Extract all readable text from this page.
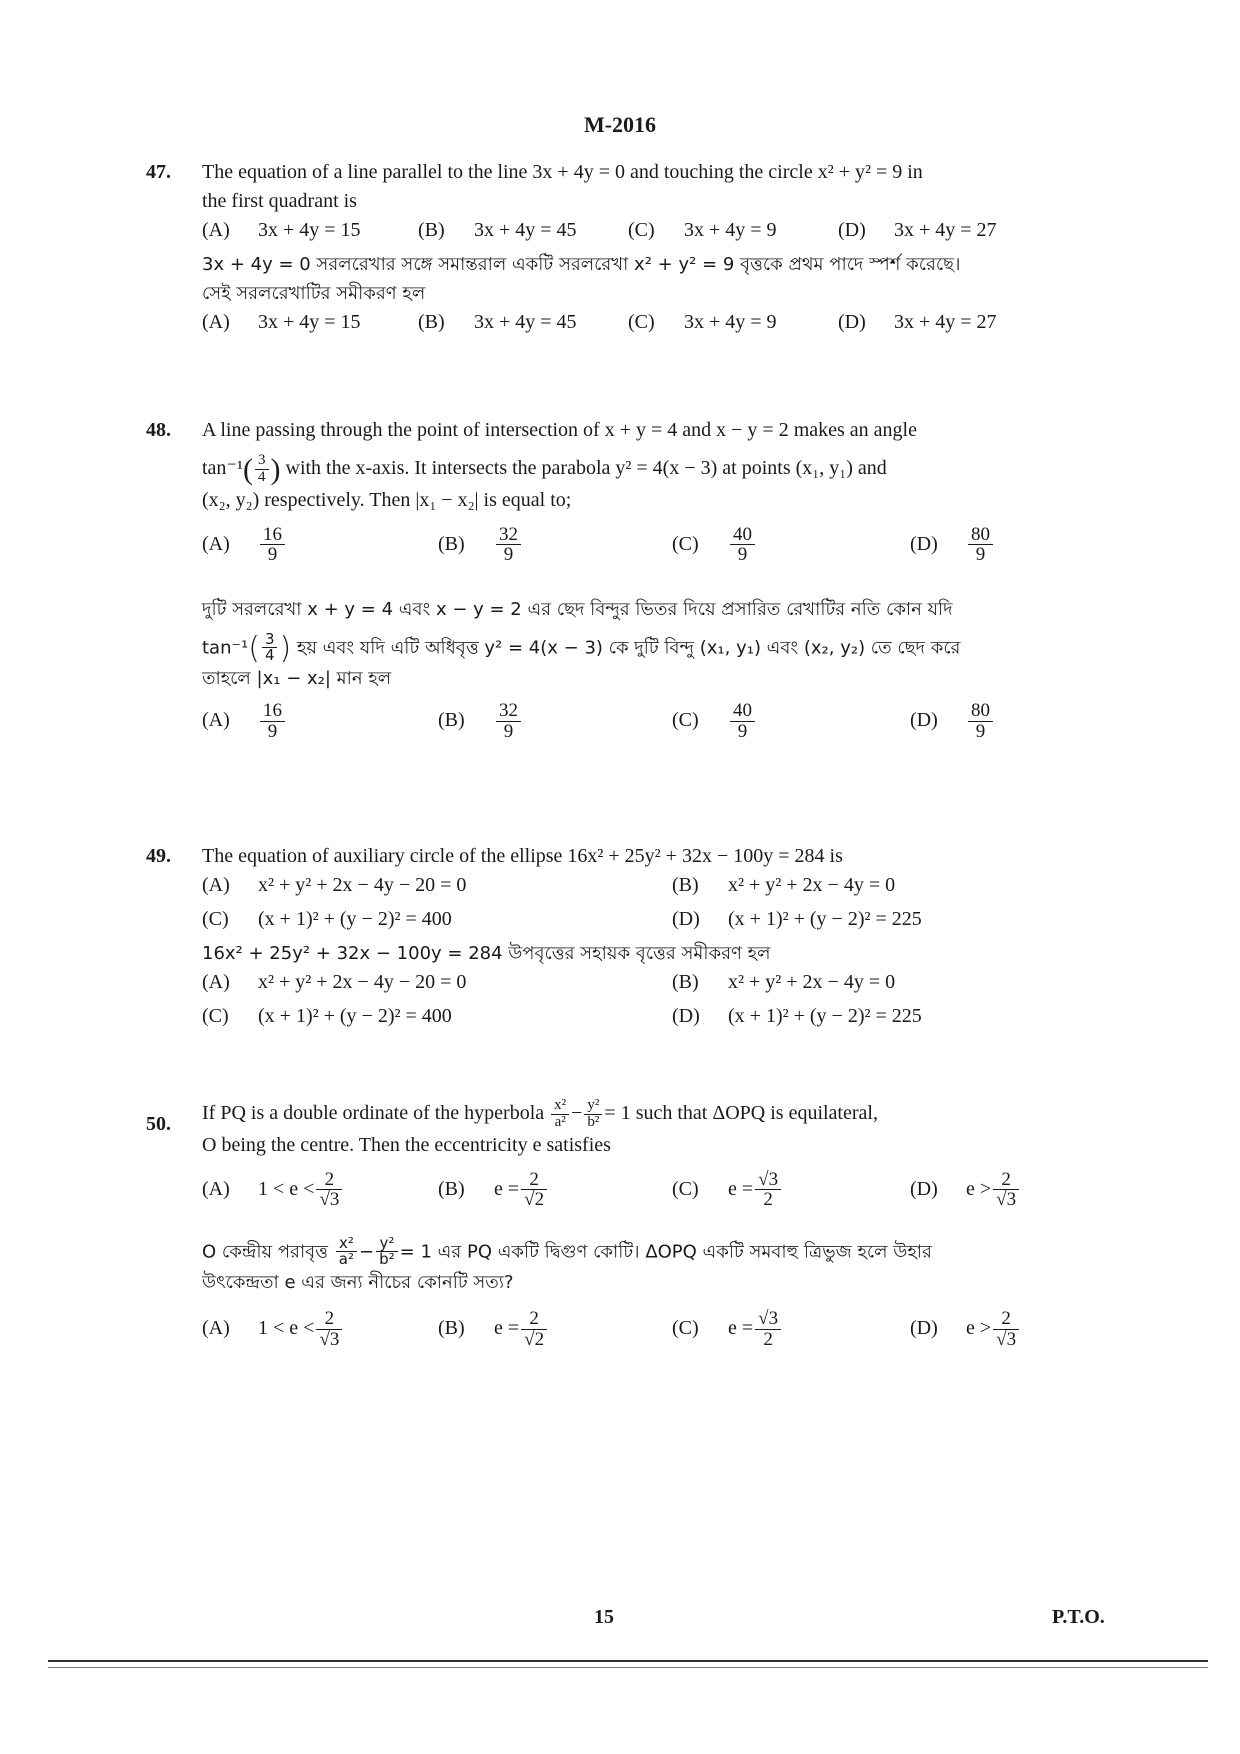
M-2016
47. The equation of a line parallel to the line 3x + 4y = 0 and touching the circle x² + y² = 9 in
the first quadrant is
(A) 3x + 4y = 15	(B) 3x + 4y = 45	(C) 3x + 4y = 9	(D) 3x + 4y = 27
3x + 4y = 0 সরলরেখার সঙ্গে সমান্তরাল একটি সরলরেখা x² + y² = 9 বৃত্তকে প্রথম পাদে স্পর্শ করেছে।
সেই সরলরেখাটির সমীকরণ হল
(A) 3x + 4y = 15	(B) 3x + 4y = 45	(C) 3x + 4y = 9	(D) 3x + 4y = 27
48. A line passing through the point of intersection of x + y = 4 and x − y = 2 makes an angle
$\tan^{-1}( \frac{3}{4}$ ) with the x-axis. It intersects the parabola y² = 4(x − 3) at points (x₁, y₁) and
(x₂, y₂) respectively. Then |x₁ − x₂| is equal to;
$(A) \frac{16}{9}$	$(B) \frac{32}{9}$	$(C) \frac{40}{9}$	$(D) \frac{80}{9}$
দুটি সরলরেখা x + y = 4 এবং x − y = 2 এর ছেদ বিন্দুর ভিতর দিয়ে প্রসারিত রেখাটির নতি কোন যদি
$\tan^{-1}( \frac{3}{4}$ ) হয় এবং যদি এটি অধিবৃত্ত y² = 4(x − 3) কে দুটি বিন্দু (x₁, y₁) এবং (x₂, y₂) তে ছেদ করে
তাহলে |x₁ − x₂| মান হল
$(A) \frac{16}{9}$	$(B) \frac{32}{9}$	$(C) \frac{40}{9}$	$(D) \frac{80}{9}$
49. The equation of auxiliary circle of the ellipse 16x² + 25y² + 32x − 100y = 284 is
(A) x² + y² + 2x − 4y − 20 = 0	(B) x² + y² + 2x − 4y = 0
(C) (x + 1)² + (y − 2)² = 400	(D) (x + 1)² + (y − 2)² = 225
16x² + 25y² + 32x − 100y = 284 উপবৃত্তের সহায়ক বৃত্তের সমীকরণ হল
(A) x² + y² + 2x − 4y − 20 = 0	(B) x² + y² + 2x − 4y = 0
(C) (x + 1)² + (y − 2)² = 400	(D) (x + 1)² + (y − 2)² = 225
50.
If PQ is a double ordinate of the hyperbola $\frac{\text{x²}}{\text{a²}} - \frac{\text{y²}}{\text{b²}} = 1$ such that ΔOPQ is equilateral,
O being the centre. Then the eccentricity e satisfies
(A) $1 < e < \frac{2}{√3}$	(B) $e = \frac{2}{√2}$	(C) $e = \frac{√3}{2}$	(D) $e > \frac{2}{√3}$
O কেন্দ্রীয় পরাবৃত্ত $\frac{\text{x²}}{\text{a²}} - \frac{\text{y²}}{\text{b²}} = 1$ এর PQ একটি দ্বিগুণ কোটি। ΔOPQ একটি সমবাহু ত্রিভুজ হলে উহার
উৎকেন্দ্রতা e এর জন্য নীচের কোনটি সত্য?
(A) $1 < e < \frac{2}{√3}$	(B) $e = \frac{2}{√2}$	(C) $e = \frac{√3}{2}$	(D) $e > \frac{2}{√3}$
15	P.T.O.
